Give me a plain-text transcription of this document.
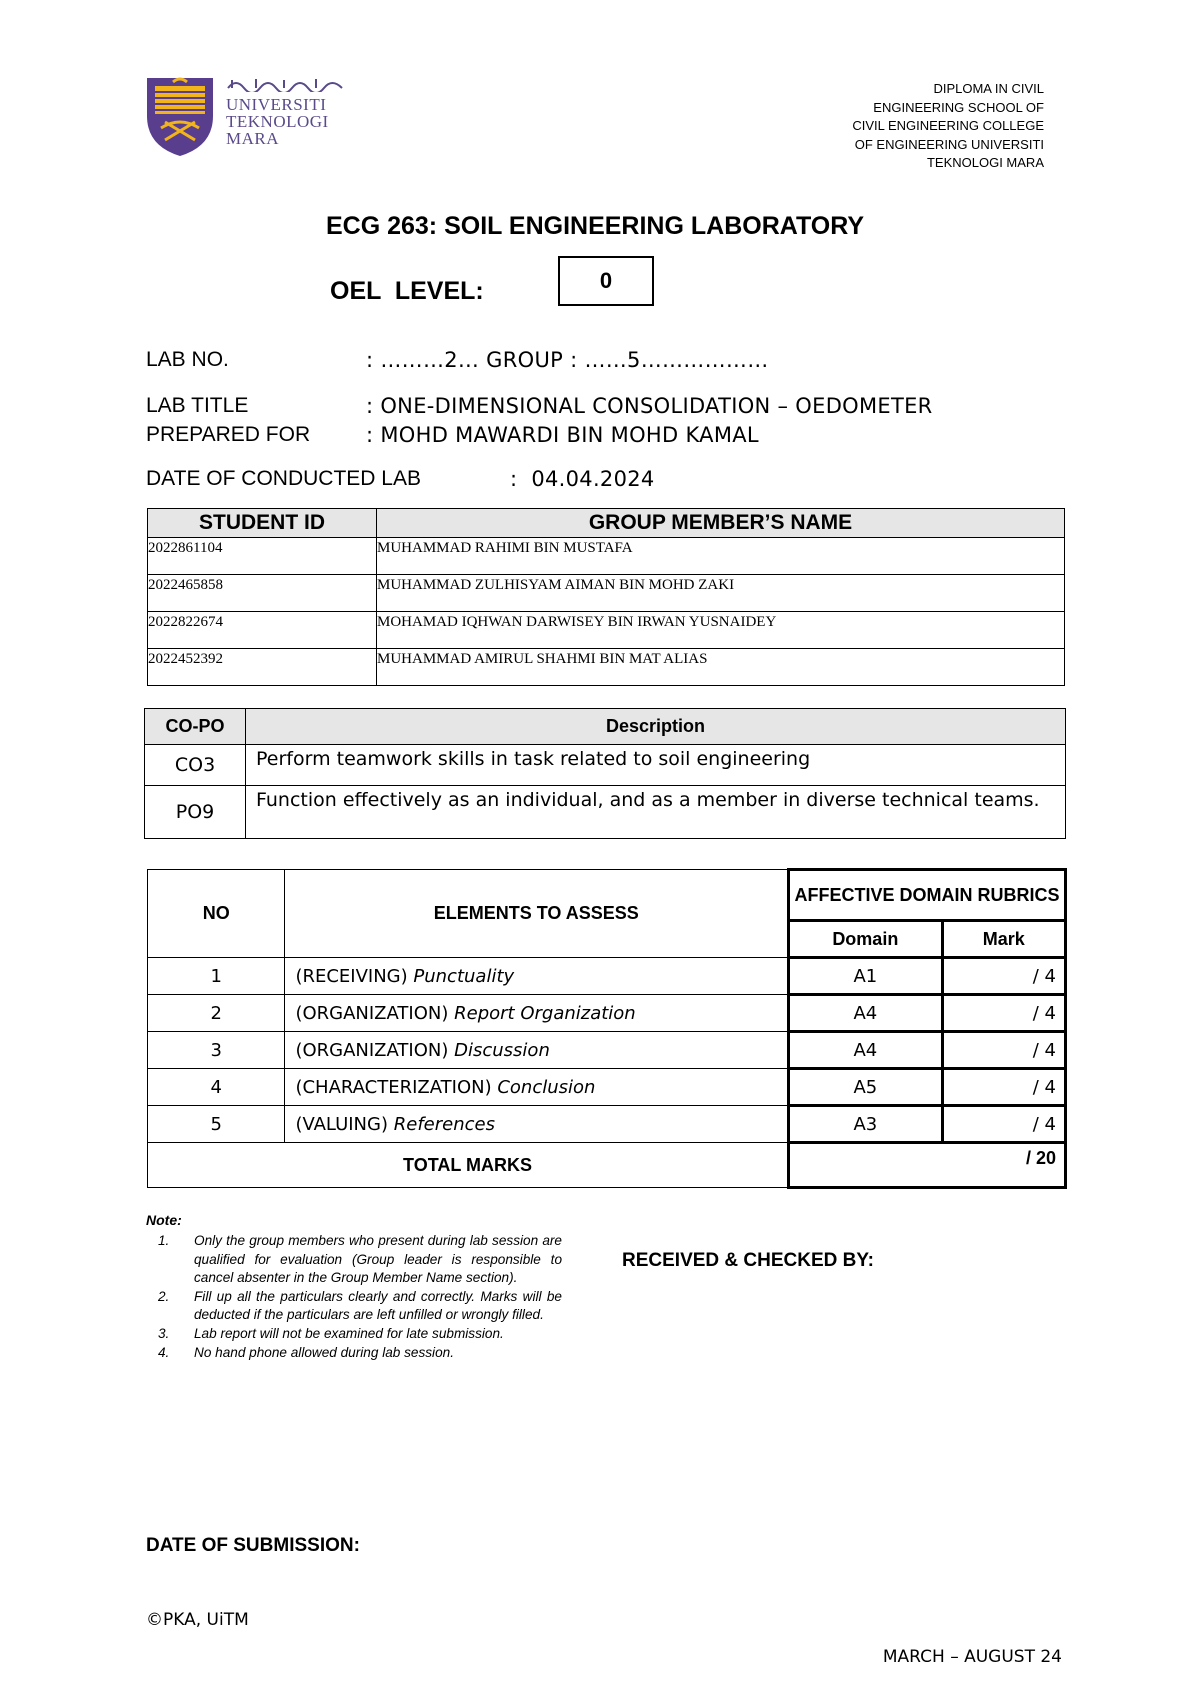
UNIVERSITI
TEKNOLOGI
MARA
DIPLOMA IN CIVIL
ENGINEERING SCHOOL OF
CIVIL ENGINEERING COLLEGE
OF ENGINEERING UNIVERSITI
TEKNOLOGI MARA
ECG 263: SOIL ENGINEERING LABORATORY
OEL  LEVEL:	0
LAB NO.	: ………2… GROUP : ……5………………
LAB TITLE	: ONE-DIMENSIONAL CONSOLIDATION – OEDOMETER
PREPARED FOR	: MOHD MAWARDI BIN MOHD KAMAL
DATE OF CONDUCTED LAB	:  04.04.2024
STUDENT ID	GROUP MEMBER’S NAME
2022861104	MUHAMMAD RAHIMI BIN MUSTAFA
2022465858	MUHAMMAD ZULHISYAM AIMAN BIN MOHD ZAKI
2022822674	MOHAMAD IQHWAN DARWISEY BIN IRWAN YUSNAIDEY
2022452392	MUHAMMAD AMIRUL SHAHMI BIN MAT ALIAS
CO-PO	Description
CO3	Perform teamwork skills in task related to soil engineering
PO9	Function effectively as an individual, and as a member in diverse technical teams.
NO	ELEMENTS TO ASSESS	AFFECTIVE DOMAIN RUBRICS	
		Domain	Mark
1	(RECEIVING) Punctuality	A1	/ 4
2	(ORGANIZATION) Report Organization	A4	/ 4
3	(ORGANIZATION) Discussion	A4	/ 4
4	(CHARACTERIZATION) Conclusion	A5	/ 4
5	(VALUING) References	A3	/ 4
TOTAL MARKS		/ 20	
Note:
1.	Only the group members who present during lab session are qualified for evaluation (Group leader is responsible to cancel absenter in the Group Member Name section).
2.	Fill up all the particulars clearly and correctly. Marks will be deducted if the particulars are left unfilled or wrongly filled.
3.	Lab report will not be examined for late submission.
4.	No hand phone allowed during lab session.
RECEIVED & CHECKED BY:
DATE OF SUBMISSION:
©PKA, UiTM
MARCH – AUGUST 24
